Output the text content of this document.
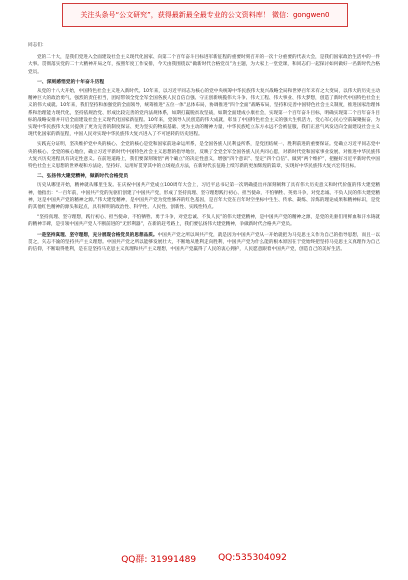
关注头条号“公文研究”，获得最新最全最专业的公文资料库！ 微信：gongwen0
同志们：
党的二十大，是我们党进入全面建设社会主义现代化国家、向第二个百年奋斗目标进军新征程的重要时刻召开的一次十分重要的代表大会，是我们国家政治生活中的一件大事。贯彻落实党的二十大精神开局之年，按照年度工作安排，今天由我围绕以“做新时代合格党员”为主题，为大家上一堂党课，和同志们一起探讨如何做好一名新时代合格党员。
一、深刻感悟党的十年奋斗历程
从党的十八大开始，中国特色社会主义进入新时代。10年来，以习近平同志为核心的党中央统筹中华民族伟大复兴战略全局和世界百年未有之大变局，以伟大的历史主动精神巨大的政治勇气、强烈的责任担当，团结带领全党全军全国各族人民自信自强、守正创新统揽伟大斗争、伟大工程、伟大事业、伟大梦想，创造了新时代中国特色社会主义的伟大成就。10年来，我们坚持和加强党的全面领导，统筹推进“五位一体”总体布局，协调推进“四个全面”战略布局，坚持和完善中国特色社会主义制度，推进国家治理体系和治理能力现代化，坚持依规治党、形成比较完善的党内法规体系，如期打赢脱贫攻坚战，如期全面建成小康社会，实现第一个百年奋斗目标，明确实现第二个百年奋斗目标的战略安排并开启全面建设社会主义现代化国家新征程。10年来，党领导人民创造的伟大成就，彰显了中国特色社会主义的强大生机活力，党心军心民心空前凝聚振奋，为实现中华民族伟大复兴提供了更为完善的制度保证、更为坚实的物质基础、更为主动的精神力量，中华民族屹立东方永远不会被征服，我们正意气风发迈向全面建设社会主义现代化国家的新征程，中国人民对实现中华民族伟大复兴进入了不可逆转的历史进程。
实践充分证明，坚决维护党中央的核心、全党的核心是党和国家前途命运所系，是全国各族人民利益所系，是党团结统一、胜利前进的重要保证。党确立习近平同志党中央的核心、全党的核心地位，确立习近平新时代中国特色社会主义思想的指导地位，反映了全党全军全国各族人民共同心愿，对新时代党和国家事业发展、对推进中华民族伟大复兴历史进程具有决定性意义。在前进道路上，我们要深刻领悟“两个确立”的决定性意义，增强“四个意识”、坚定“四个自信”、做到“两个维护”，把握好习近平新时代中国特色社会主义思想的世界观和方法论，坚持好、运用好贯穿其中的立场观点方法，在新时代长征路上续写新的更加辉煌的篇章，实现好中华民族伟大复兴宏伟目标。
二、弘扬伟大建党精神，做新时代合格党员
历史从哪里开始，精神就从哪里生发。在庆祝中国共产党成立100周年大会上，习近平总书记第一次明确提出并深刻阐释了具有伟大历史意义和时代价值的伟大建党精神，他指出：“一百年前，中国共产党的先驱们创建了中国共产党，形成了坚持真理、坚守理想践行初心、担当使命，不怕牺牲、英勇斗争，对党忠诚、不负人民的伟大建党精神，这是中国共产党的精神之源。”伟大建党精神，是中国共产党为党性修养的红色基因，是百年大党在百年时空坐标中生生、传承、凝练、淬炼的理论成果和精神标识，是党的其他红色精神的源头和起点，具有鲜明的政治性、科学性、人民性、创新性、实践性特点。
“坚持真理、坚守理想，践行初心、担当使命，不怕牺牲、勇于斗争，对党忠诚、不负人民”的伟大建党精神，是中国共产党的精神之源，是党的先驱们用鲜血和汗水铸就的精神丰碑，是引领中国共产党人不断前进的“无形利器”，在新的赶考路上，我们要弘扬伟大建党精神，争做新时代合格共产党员。
一是坚持真理、坚守理想，充分展现合格党员的思想品质。中国共产党之所以叫共产党，就是因为中国共产党从一开始就把为马克思主义作为自己的指导思想，而且一以贯之，矢志不渝的坚持共产主义理想。中国共产党之所以能够发展壮大，不断地从胜利走向胜利，中国共产党为什么能的根本原因在于党始终把坚持马克思主义真理作为自己的信仰，不断取得胜利，是在是坚持马克思主义真理和共产主义理想，中国共产党赢得了人民的衷心拥护，人民愿意跟着中国共产党，创造自己的美好生活。
QQ群: 31991489 QQ:535304092
